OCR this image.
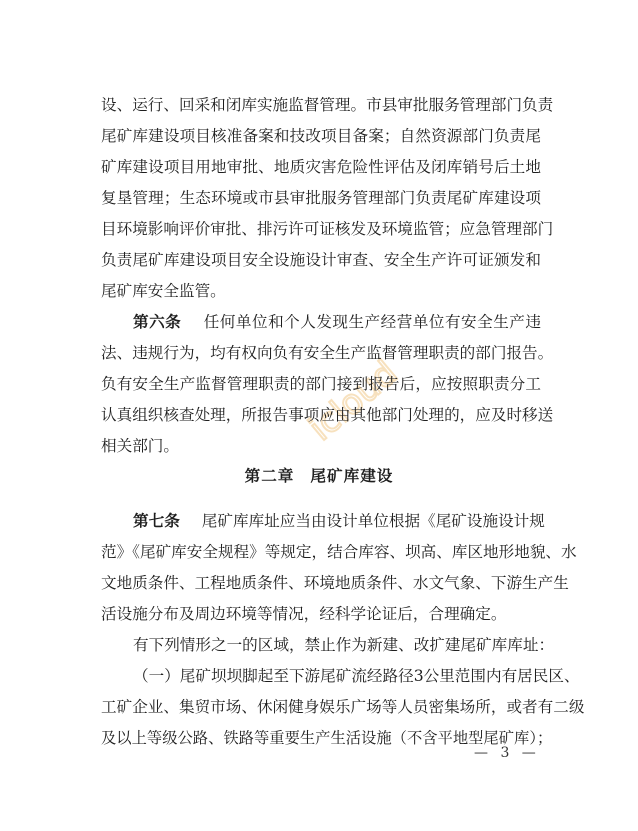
icloud
设、运行、回采和闭库实施监督管理。市县审批服务管理部门负责
尾矿库建设项目核准备案和技改项目备案；自然资源部门负责尾
矿库建设项目用地审批、地质灾害危险性评估及闭库销号后土地
复垦管理；生态环境或市县审批服务管理部门负责尾矿库建设项
目环境影响评价审批、排污许可证核发及环境监管；应急管理部门
负责尾矿库建设项目安全设施设计审查、安全生产许可证颁发和
尾矿库安全监管。
第六条 任何单位和个人发现生产经营单位有安全生产违
法、违规行为，均有权向负有安全生产监督管理职责的部门报告。
负有安全生产监督管理职责的部门接到报告后，应按照职责分工
认真组织核查处理，所报告事项应由其他部门处理的，应及时移送
相关部门。
第二章 尾矿库建设
第七条 尾矿库库址应当由设计单位根据《尾矿设施设计规
范》《尾矿库安全规程》等规定，结合库容、坝高、库区地形地貌、水
文地质条件、工程地质条件、环境地质条件、水文气象、下游生产生
活设施分布及周边环境等情况，经科学论证后，合理确定。
有下列情形之一的区域，禁止作为新建、改扩建尾矿库库址：
（一）尾矿坝坝脚起至下游尾矿流经路径3公里范围内有居民区、
工矿企业、集贸市场、休闲健身娱乐广场等人员密集场所，或者有二级
及以上等级公路、铁路等重要生产生活设施（不含平地型尾矿库）；
— 3 —
